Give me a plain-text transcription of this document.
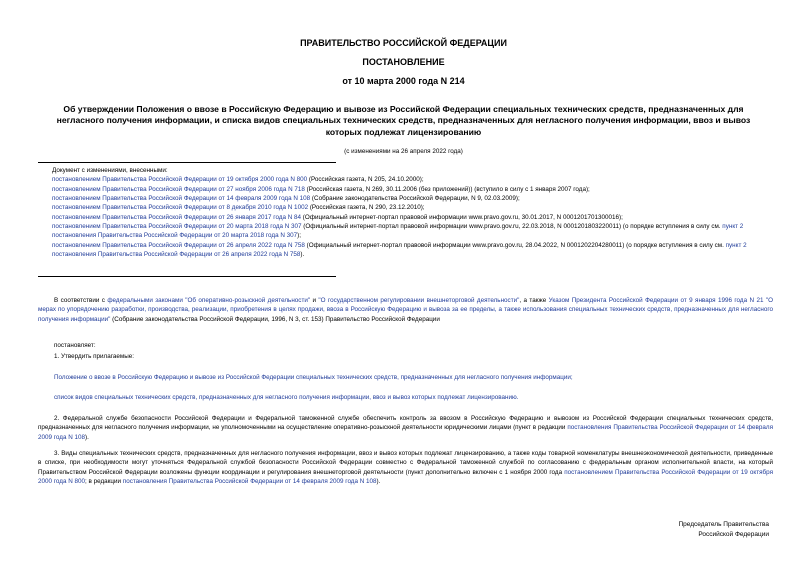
ПРАВИТЕЛЬСТВО РОССИЙСКОЙ ФЕДЕРАЦИИ
ПОСТАНОВЛЕНИЕ
от 10 марта 2000 года N 214
Об утверждении Положения о ввозе в Российскую Федерацию и вывозе из Российской Федерации специальных технических средств, предназначенных для негласного получения информации, и списка видов специальных технических средств, предназначенных для негласного получения информации, ввоз и вывоз которых подлежат лицензированию
(с изменениями на 26 апреля 2022 года)
Документ с изменениями, внесенными:
постановлением Правительства Российской Федерации от 19 октября 2000 года N 800 (Российская газета, N 205, 24.10.2000);
постановлением Правительства Российской Федерации от 27 ноября 2006 года N 718 (Российская газета, N 269, 30.11.2006 (без приложений)) (вступило в силу с 1 января 2007 года);
постановлением Правительства Российской Федерации от 14 февраля 2009 года N 108 (Собрание законодательства Российской Федерации, N 9, 02.03.2009);
постановлением Правительства Российской Федерации от 8 декабря 2010 года N 1002 (Российская газета, N 290, 23.12.2010);
постановлением Правительства Российской Федерации от 26 января 2017 года N 84 (Официальный интернет-портал правовой информации www.pravo.gov.ru, 30.01.2017, N 0001201701300016);
постановлением Правительства Российской Федерации от 20 марта 2018 года N 307 (Официальный интернет-портал правовой информации www.pravo.gov.ru, 22.03.2018, N 0001201803220011) (о порядке вступления в силу см. пункт 2 постановления Правительства Российской Федерации от 20 марта 2018 года N 307);
постановлением Правительства Российской Федерации от 26 апреля 2022 года N 758 (Официальный интернет-портал правовой информации www.pravo.gov.ru, 28.04.2022, N 0001202204280011) (о порядке вступления в силу см. пункт 2 постановления Правительства Российской Федерации от 26 апреля 2022 года N 758).
В соответствии с федеральными законами "Об оперативно-розыскной деятельности" и "О государственном регулировании внешнеторговой деятельности", а также Указом Президента Российской Федерации от 9 января 1996 года N 21 "О мерах по упорядочению разработки, производства, реализации, приобретения в целях продажи, ввоза в Российскую Федерацию и вывоза за ее пределы, а также использования специальных технических средств, предназначенных для негласного получения информации" (Собрание законодательства Российской Федерации, 1996, N 3, ст. 153) Правительство Российской Федерации
постановляет:
1. Утвердить прилагаемые:
Положение о ввозе в Российскую Федерацию и вывозе из Российской Федерации специальных технических средств, предназначенных для негласного получения информации;
список видов специальных технических средств, предназначенных для негласного получения информации, ввоз и вывоз которых подлежат лицензированию.
2. Федеральной службе безопасности Российской Федерации и Федеральной таможенной службе обеспечить контроль за ввозом в Российскую Федерацию и вывозом из Российской Федерации специальных технических средств, предназначенных для негласного получения информации, не уполномоченными на осуществление оперативно-розыскной деятельности юридическими лицами (пункт в редакции постановления Правительства Российской Федерации от 14 февраля 2009 года N 108).
3. Виды специальных технических средств, предназначенных для негласного получения информации, ввоз и вывоз которых подлежат лицензированию, а также коды товарной номенклатуры внешнеэкономической деятельности, приведенные в списке, при необходимости могут уточняться Федеральной службой безопасности Российской Федерации совместно с Федеральной таможенной службой по согласованию с федеральным органом исполнительной власти, на который Правительством Российской Федерации возложены функции координации и регулирования внешнеторговой деятельности (пункт дополнительно включен с 1 ноября 2000 года постановлением Правительства Российской Федерации от 19 октября 2000 года N 800; в редакции постановления Правительства Российской Федерации от 14 февраля 2009 года N 108).
Председатель Правительства
Российской Федерации
